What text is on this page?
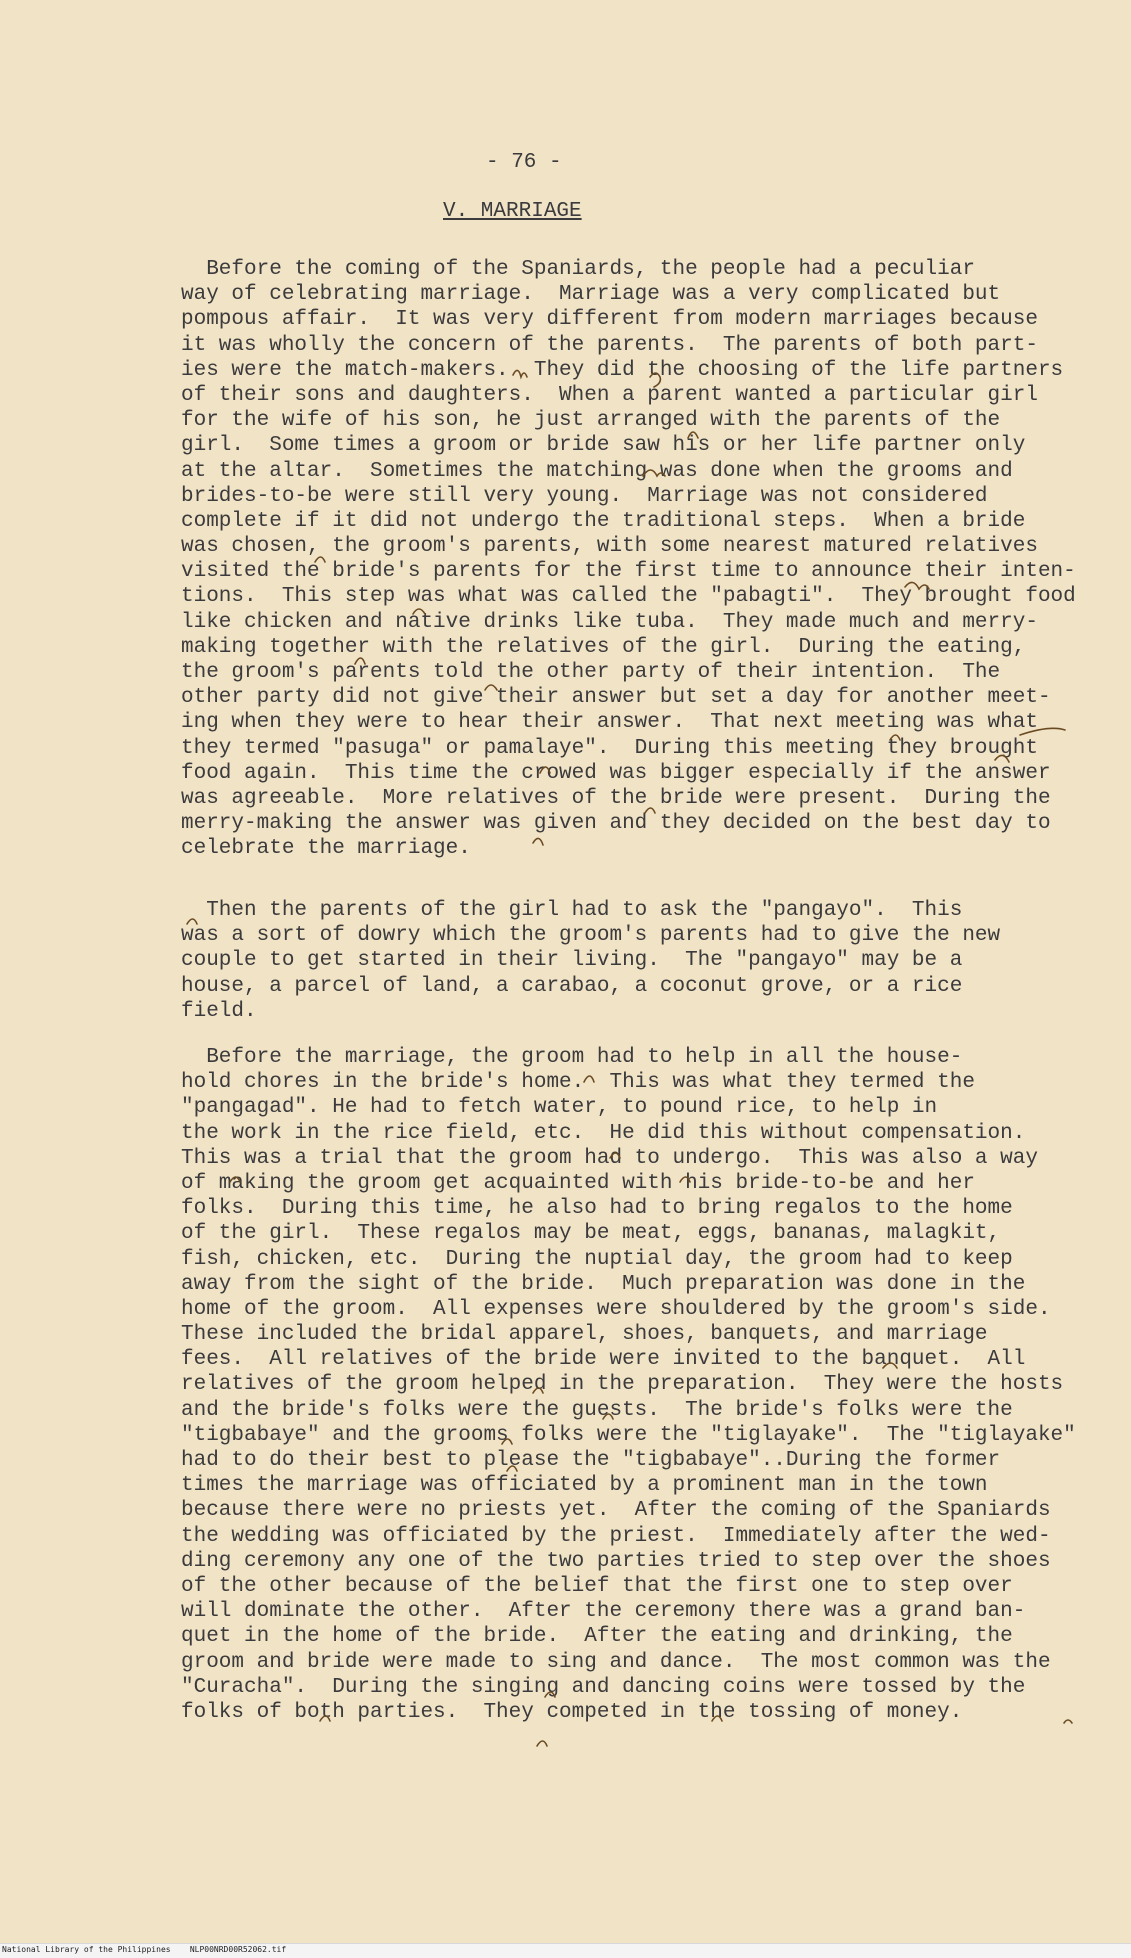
- 76 -
V. MARRIAGE
Before the coming of the Spaniards, the people had a peculiar
way of celebrating marriage.  Marriage was a very complicated but
pompous affair.  It was very different from modern marriages because
it was wholly the concern of the parents.  The parents of both part-
ies were the match-makers.  They did the choosing of the life partners
of their sons and daughters.  When a parent wanted a particular girl
for the wife of his son, he just arranged with the parents of the
girl.  Some times a groom or bride saw his or her life partner only
at the altar.  Sometimes the matching was done when the grooms and
brides-to-be were still very young.  Marriage was not considered
complete if it did not undergo the traditional steps.  When a bride
was chosen, the groom's parents, with some nearest matured relatives
visited the bride's parents for the first time to announce their inten-
tions.  This step was what was called the "pabagti".  They brought food
like chicken and native drinks like tuba.  They made much and merry-
making together with the relatives of the girl.  During the eating,
the groom's parents told the other party of their intention.  The
other party did not give their answer but set a day for another meet-
ing when they were to hear their answer.  That next meeting was what
they termed "pasuga" or pamalaye".  During this meeting they brought
food again.  This time the crowed was bigger especially if the answer
was agreeable.  More relatives of the bride were present.  During the
merry-making the answer was given and they decided on the best day to
celebrate the marriage.
Then the parents of the girl had to ask the "pangayo".  This
was a sort of dowry which the groom's parents had to give the new
couple to get started in their living.  The "pangayo" may be a
house, a parcel of land, a carabao, a coconut grove, or a rice
field.
Before the marriage, the groom had to help in all the house-
hold chores in the bride's home.  This was what they termed the
"pangagad". He had to fetch water, to pound rice, to help in
the work in the rice field, etc.  He did this without compensation.
This was a trial that the groom had to undergo.  This was also a way
of making the groom get acquainted with his bride-to-be and her
folks.  During this time, he also had to bring regalos to the home
of the girl.  These regalos may be meat, eggs, bananas, malagkit,
fish, chicken, etc.  During the nuptial day, the groom had to keep
away from the sight of the bride.  Much preparation was done in the
home of the groom.  All expenses were shouldered by the groom's side.
These included the bridal apparel, shoes, banquets, and marriage
fees.  All relatives of the bride were invited to the banquet.  All
relatives of the groom helped in the preparation.  They were the hosts
and the bride's folks were the guests.  The bride's folks were the
"tigbabaye" and the grooms folks were the "tiglayake".  The "tiglayake"
had to do their best to please the "tigbabaye"..During the former
times the marriage was officiated by a prominent man in the town
because there were no priests yet.  After the coming of the Spaniards
the wedding was officiated by the priest.  Immediately after the wed-
ding ceremony any one of the two parties tried to step over the shoes
of the other because of the belief that the first one to step over
will dominate the other.  After the ceremony there was a grand ban-
quet in the home of the bride.  After the eating and drinking, the
groom and bride were made to sing and dance.  The most common was the
"Curacha".  During the singing and dancing coins were tossed by the
folks of both parties.  They competed in the tossing of money.
National Library of the Philippines    NLP00NRD00R52062.tif
